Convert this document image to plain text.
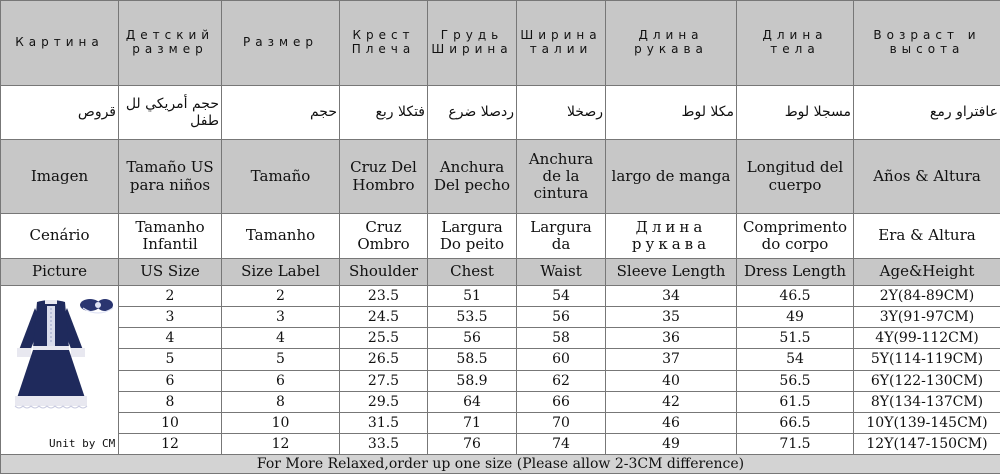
Картина	Детский размер	Размер	Крест Плеча	Грудь Ширина	Ширина талии	Длина рукава	Длина тела	Возраст и высота

قروص	حجم أمريكي لل طفل	حجم	فتكلا ربع	ردصلا ضرع	رصخلا	مكلا لوط	مسجلا لوط	عافتراو رمع

Imagen	Tamaño US para niños	Tamaño	Cruz Del Hombro	Anchura Del pecho	Anchura de la cintura	largo de manga	Longitud del cuerpo	Años & Altura
Cenário	Tamanho Infantil	Tamanho	Cruz Ombro	Largura Do peito	Largura da	Длина рукава	Comprimento do corpo	Era & Altura
Picture	US Size	Size Label	Shoulder	Chest	Waist	Sleeve Length	Dress Length	Age&Height

Unit by CM	2	2	23.5	51	54	34	46.5	2Y(84-89CM)
	3	3	24.5	53.5	56	35	49	3Y(91-97CM)
	4	4	25.5	56	58	36	51.5	4Y(99-112CM)
	5	5	26.5	58.5	60	37	54	5Y(114-119CM)
	6	6	27.5	58.9	62	40	56.5	6Y(122-130CM)
	8	8	29.5	64	66	42	61.5	8Y(134-137CM)
	10	10	31.5	71	70	46	66.5	10Y(139-145CM)
	12	12	33.5	76	74	49	71.5	12Y(147-150CM)
For More Relaxed,order up one size (Please allow 2-3CM difference)								
